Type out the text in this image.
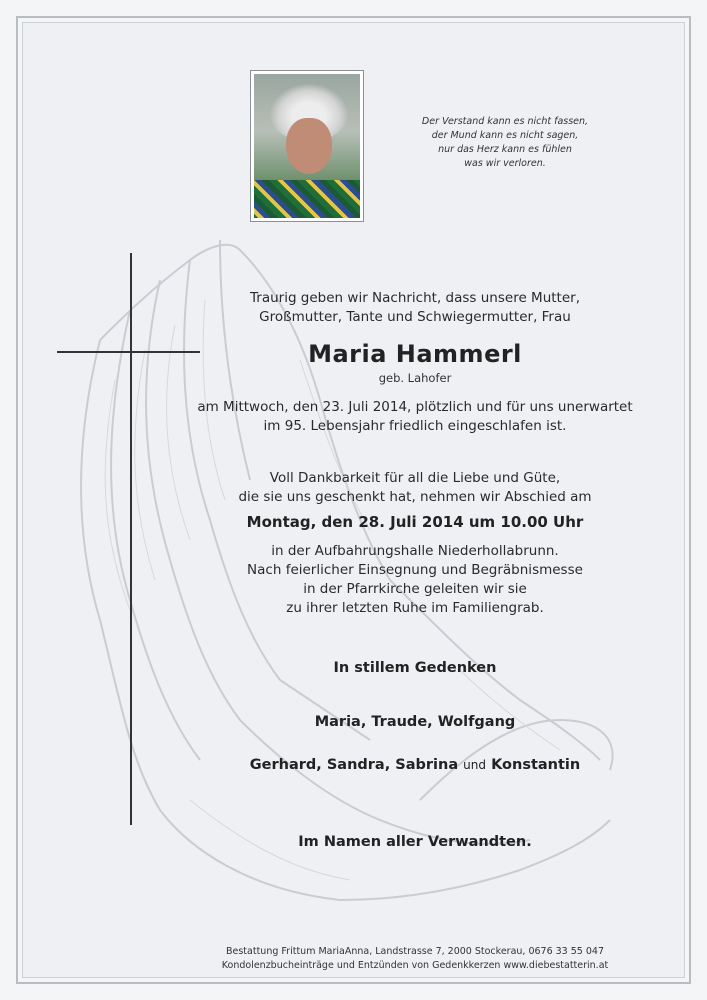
Der Verstand kann es nicht fassen,
der Mund kann es nicht sagen,
nur das Herz kann es fühlen
was wir verloren.
Traurig geben wir Nachricht, dass unsere Mutter,
Großmutter, Tante und Schwiegermutter, Frau
Maria Hammerl
geb. Lahofer
am Mittwoch, den 23. Juli 2014, plötzlich und für uns unerwartet
im 95. Lebensjahr friedlich eingeschlafen ist.
Voll Dankbarkeit für all die Liebe und Güte,
die sie uns geschenkt hat, nehmen wir Abschied am
Montag, den 28. Juli 2014 um 10.00 Uhr
in der Aufbahrungshalle Niederhollabrunn.
Nach feierlicher Einsegnung und Begräbnismesse
in der Pfarrkirche geleiten wir sie
zu ihrer letzten Ruhe im Familiengrab.
In stillem Gedenken
Maria, Traude, Wolfgang
Gerhard, Sandra, Sabrina und Konstantin
Im Namen aller Verwandten.
Bestattung Frittum MariaAnna, Landstrasse 7, 2000 Stockerau, 0676 33 55 047
Kondolenzbucheinträge und Entzünden von Gedenkkerzen www.diebestatterin.at
